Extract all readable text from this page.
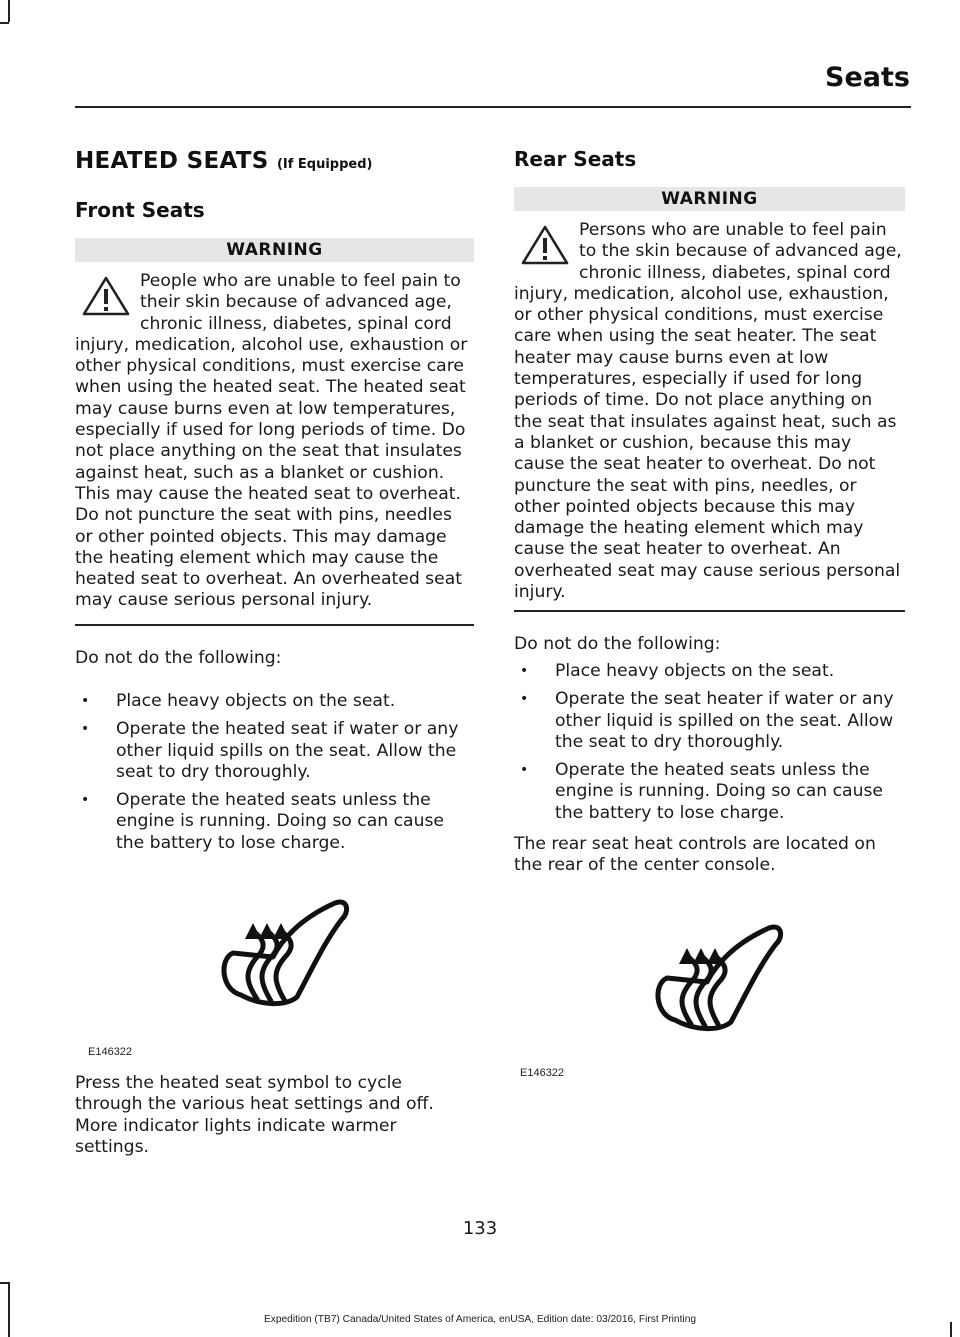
Seats
HEATED SEATS (If Equipped)
Front Seats
WARNING
People who are unable to feel pain to their skin because of advanced age, chronic illness, diabetes, spinal cord injury, medication, alcohol use, exhaustion or other physical conditions, must exercise care when using the heated seat. The heated seat may cause burns even at low temperatures, especially if used for long periods of time. Do not place anything on the seat that insulates against heat, such as a blanket or cushion. This may cause the heated seat to overheat. Do not puncture the seat with pins, needles or other pointed objects. This may damage the heating element which may cause the heated seat to overheat. An overheated seat may cause serious personal injury.
Do not do the following:
• Place heavy objects on the seat.
• Operate the heated seat if water or any other liquid spills on the seat. Allow the seat to dry thoroughly.
• Operate the heated seats unless the engine is running. Doing so can cause the battery to lose charge.
E146322
Press the heated seat symbol to cycle through the various heat settings and off. More indicator lights indicate warmer settings.
Rear Seats
WARNING
Persons who are unable to feel pain to the skin because of advanced age, chronic illness, diabetes, spinal cord injury, medication, alcohol use, exhaustion, or other physical conditions, must exercise care when using the seat heater. The seat heater may cause burns even at low temperatures, especially if used for long periods of time. Do not place anything on the seat that insulates against heat, such as a blanket or cushion, because this may cause the seat heater to overheat. Do not puncture the seat with pins, needles, or other pointed objects because this may damage the heating element which may cause the seat heater to overheat. An overheated seat may cause serious personal injury.
Do not do the following:
• Place heavy objects on the seat.
• Operate the seat heater if water or any other liquid is spilled on the seat. Allow the seat to dry thoroughly.
• Operate the heated seats unless the engine is running. Doing so can cause the battery to lose charge.
The rear seat heat controls are located on the rear of the center console.
E146322
133
Expedition (TB7) Canada/United States of America, enUSA, Edition date: 03/2016, First Printing
